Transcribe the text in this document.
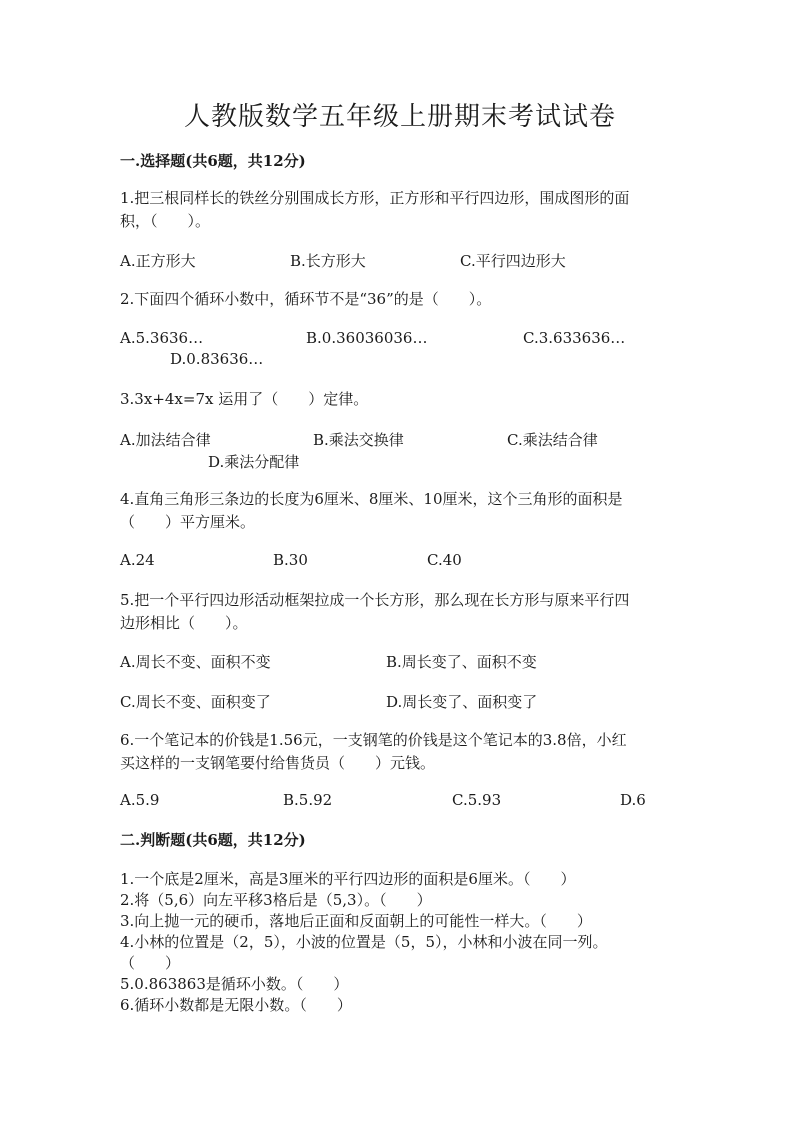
人教版数学五年级上册期末考试试卷
一.选择题(共6题，共12分)
1.把三根同样长的铁丝分别围成长方形，正方形和平行四边形，围成图形的面
积，（　　）。
A.正方形大	B.长方形大	C.平行四边形大
2.下面四个循环小数中，循环节不是“36”的是（　　）。
A.5.3636…	B.0.36036036…	C.3.633636…
D.0.83636…
3.3x+4x=7x 运用了（　　）定律。
A.加法结合律	B.乘法交换律	C.乘法结合律
D.乘法分配律
4.直角三角形三条边的长度为6厘米、8厘米、10厘米，这个三角形的面积是
（　　）平方厘米。
A.24	B.30	C.40
5.把一个平行四边形活动框架拉成一个长方形，那么现在长方形与原来平行四
边形相比（　　）。
A.周长不变、面积不变	B.周长变了、面积不变
C.周长不变、面积变了	D.周长变了、面积变了
6.一个笔记本的价钱是1.56元，一支钢笔的价钱是这个笔记本的3.8倍，小红
买这样的一支钢笔要付给售货员（　　）元钱。
A.5.9	B.5.92	C.5.93	D.6
二.判断题(共6题，共12分)
1.一个底是2厘米，高是3厘米的平行四边形的面积是6厘米。（　　）
2.将（5,6）向左平移3格后是（5,3）。（　　）
3.向上抛一元的硬币，落地后正面和反面朝上的可能性一样大。（　　）
4.小林的位置是（2，5），小波的位置是（5，5），小林和小波在同一列。
（　　）
5.0.863863是循环小数。（　　）
6.循环小数都是无限小数。（　　）
